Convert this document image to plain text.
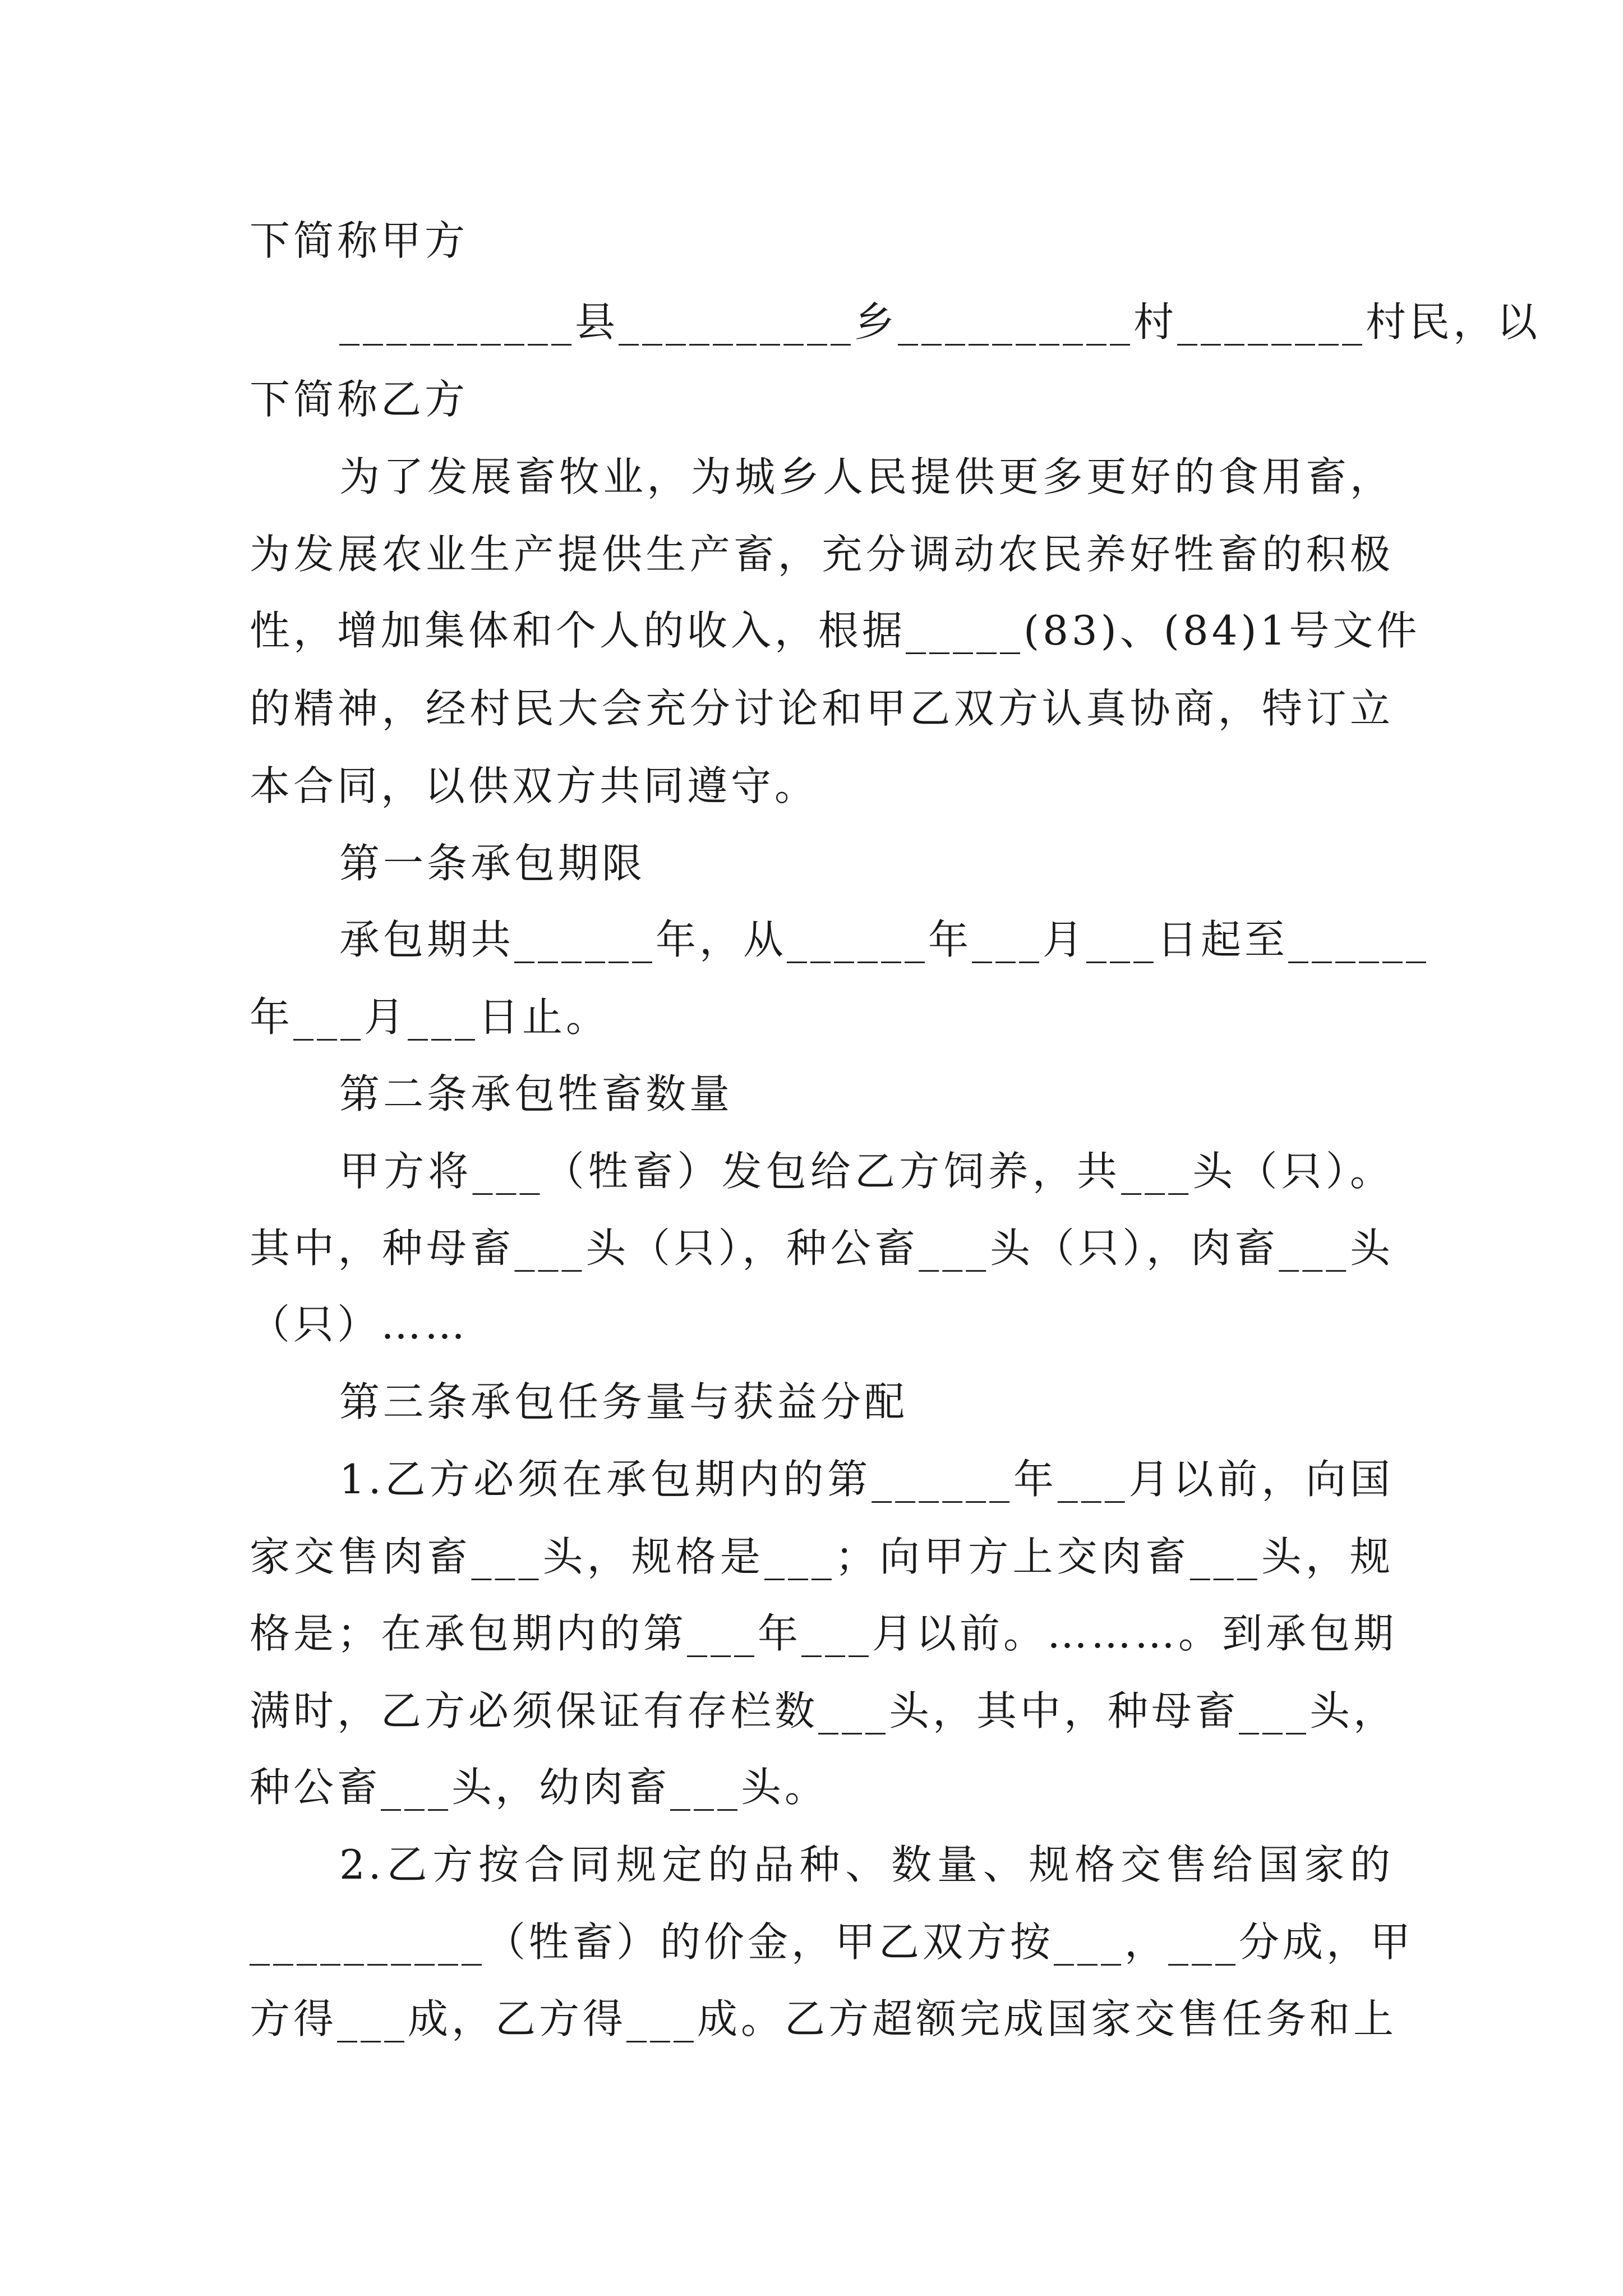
下简称甲方
__________县__________乡__________村________村民，以
下简称乙方
为了发展畜牧业，为城乡人民提供更多更好的食用畜，
为发展农业生产提供生产畜，充分调动农民养好牲畜的积极
性，增加集体和个人的收入，根据_____(83)、(84)1号文件
的精神，经村民大会充分讨论和甲乙双方认真协商，特订立
本合同，以供双方共同遵守。
第一条承包期限
承包期共______年，从______年___月___日起至______
年___月___日止。
第二条承包牲畜数量
甲方将___（牲畜）发包给乙方饲养，共___头（只）。
其中，种母畜___头（只），种公畜___头（只），肉畜___头
（只）……
第三条承包任务量与获益分配
1.乙方必须在承包期内的第______年___月以前，向国
家交售肉畜___头，规格是___；向甲方上交肉畜___头，规
格是；在承包期内的第___年___月以前。………。到承包期
满时，乙方必须保证有存栏数___头，其中，种母畜___头，
种公畜___头，幼肉畜___头。
2.乙方按合同规定的品种、数量、规格交售给国家的
__________（牲畜）的价金，甲乙双方按___，___分成，甲
方得___成，乙方得___成。乙方超额完成国家交售任务和上
